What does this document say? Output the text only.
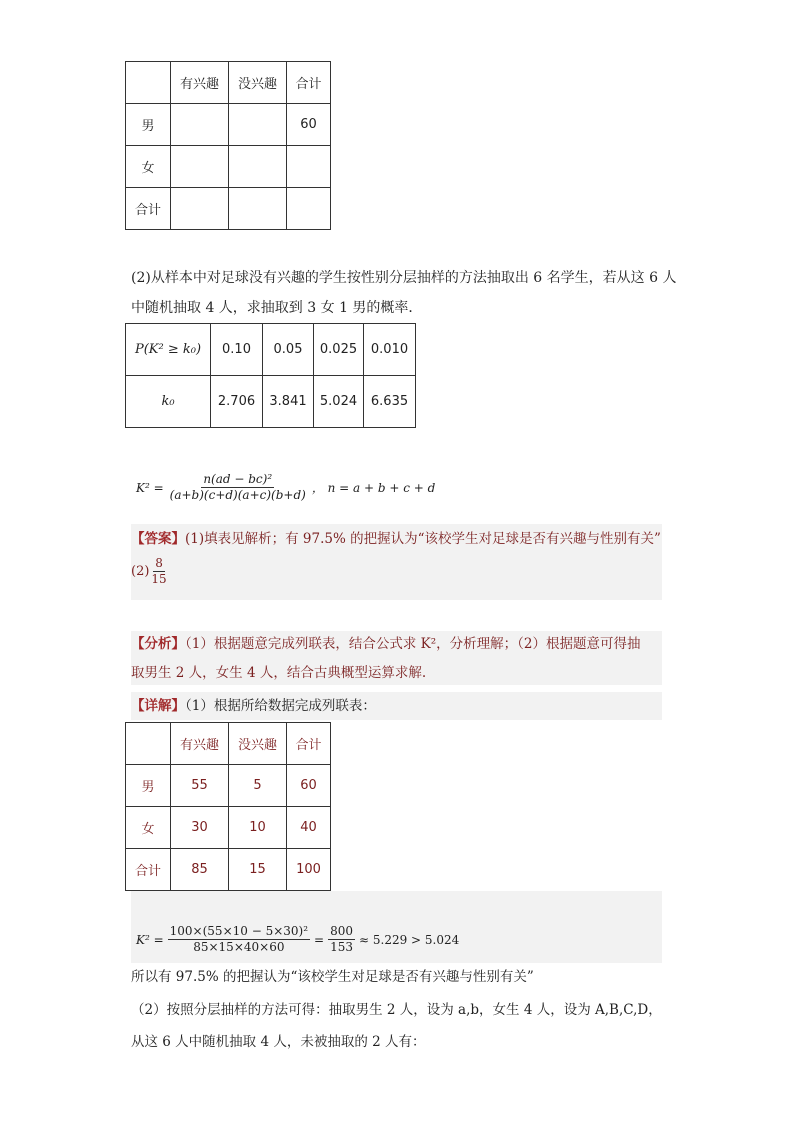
	有兴趣	没兴趣	合计
男			60
女			
合计			
(2)从样本中对足球没有兴趣的学生按性别分层抽样的方法抽取出 6 名学生，若从这 6 人
中随机抽取 4 人，求抽取到 3 女 1 男的概率．
P(K² ≥ k₀)	0.10	0.05	0.025	0.010
k₀	2.706	3.841	5.024	6.635
$K^2 = \frac{\text{n(ad − bc)²}}{(a+b)(c+d)(a+c)(b+d)}$ ， n = a + b + c + d
【答案】(1)填表见解析；有 97.5% 的把握认为“该校学生对足球是否有兴趣与性别有关”
$(2) \frac{8}{15}$
【分析】（1）根据题意完成列联表，结合公式求 K²，分析理解；（2）根据题意可得抽
取男生 2 人，女生 4 人，结合古典概型运算求解.
【详解】（1）根据所给数据完成列联表：
	有兴趣	没兴趣	合计
男	55	5	60
女	30	10	40
合计	85	15	100
$K^2 = \frac{\text{100×(55×10 − 5×30)²}}{85\times 15\times 40\times 60} = \frac{800}{153} \approx 5.229 > 5.024$
所以有 97.5% 的把握认为“该校学生对足球是否有兴趣与性别有关”
（2）按照分层抽样的方法可得：抽取男生 2 人，设为 a,b，女生 4 人，设为 A,B,C,D，
从这 6 人中随机抽取 4 人，未被抽取的 2 人有：
